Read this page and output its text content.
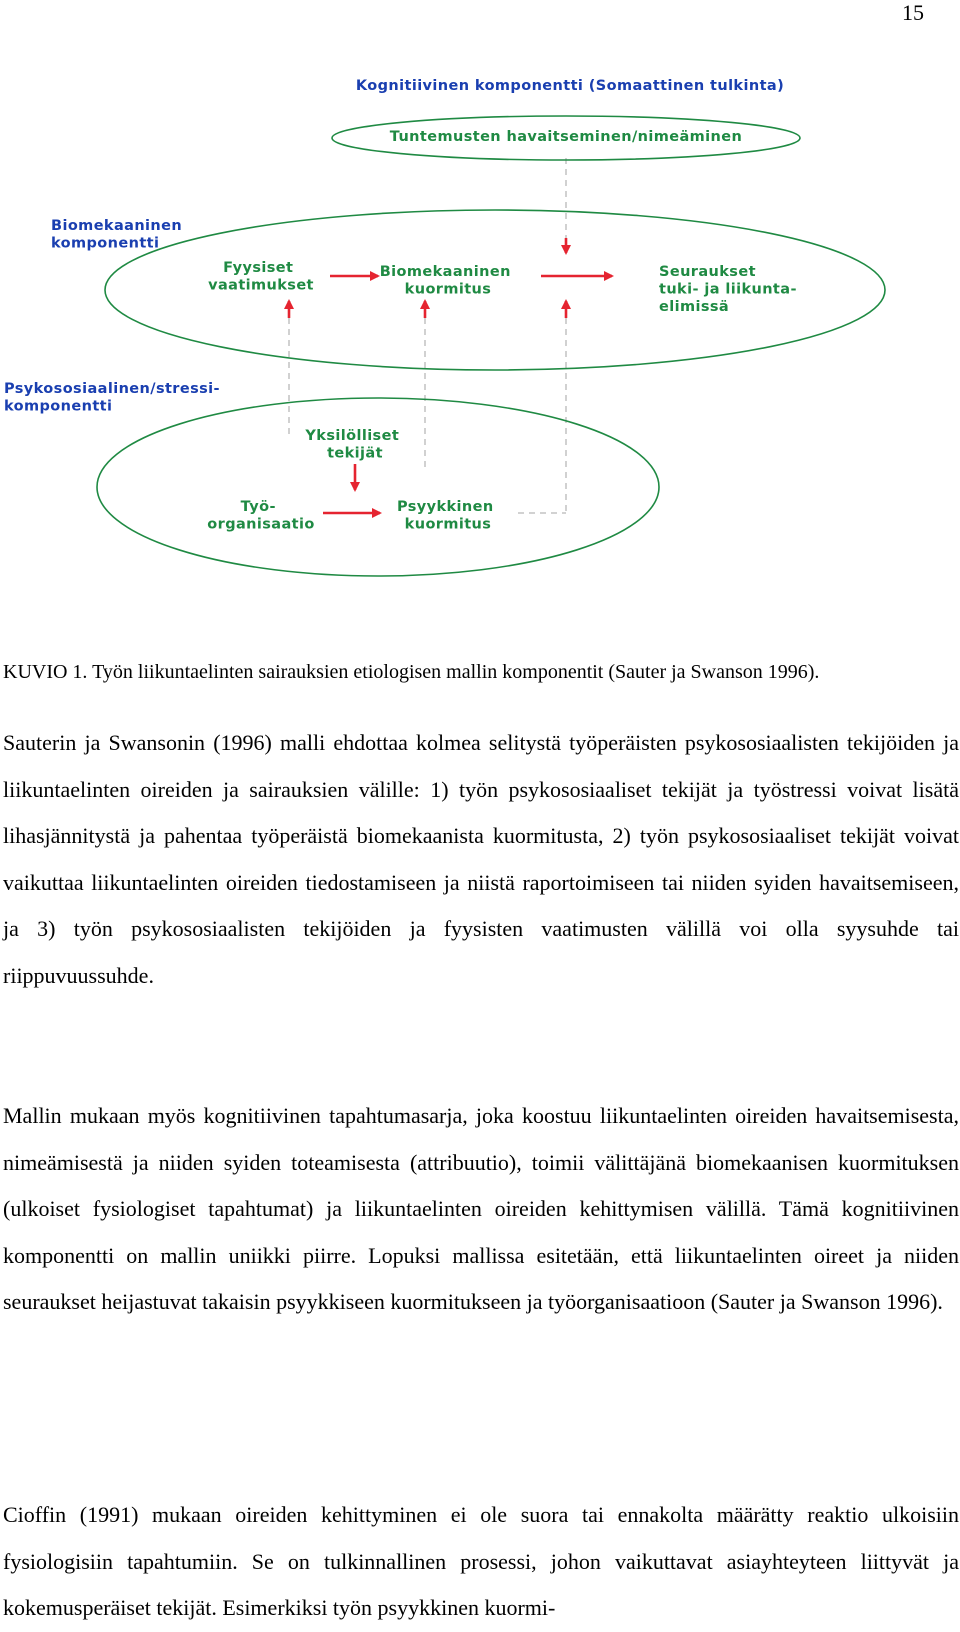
15
Kognitiivinen komponentti (Somaattinen tulkinta)
Tuntemusten havaitseminen/nimeäminen
Biomekaaninen komponentti
Fyysiset vaatimukset
Biomekaaninen kuormitus
Seuraukset tuki- ja liikunta- elimissä
Psykososiaalinen/stressi- komponentti
Yksilölliset tekijät
Työ- organisaatio
Psyykkinen kuormitus
KUVIO 1. Työn liikuntaelinten sairauksien etiologisen mallin komponentit (Sauter ja Swanson 1996).

Sauterin ja Swansonin (1996) malli ehdottaa kolmea selitystä työperäisten psykososiaalisten tekijöiden ja liikuntaelinten oireiden ja sairauksien välille: 1) työn psykososiaaliset tekijät ja työstressi voivat lisätä lihasjännitystä ja pahentaa työperäistä biomekaanista kuormitusta, 2) työn psykososiaaliset tekijät voivat vaikuttaa liikuntaelinten oireiden tiedostamiseen ja niistä raportoimiseen tai niiden syiden havaitsemiseen, ja 3) työn psykososiaalisten tekijöiden ja fyysisten vaatimusten välillä voi olla syysuhde tai riippuvuussuhde.

Mallin mukaan myös kognitiivinen tapahtumasarja, joka koostuu liikuntaelinten oireiden havaitsemisesta, nimeämisestä ja niiden syiden toteamisesta (attribuutio), toimii välittäjänä biomekaanisen kuormituksen (ulkoiset fysiologiset tapahtumat) ja liikuntaelinten oireiden kehittymisen välillä. Tämä kognitiivinen komponentti on mallin uniikki piirre. Lopuksi mallissa esitetään, että liikuntaelinten oireet ja niiden seuraukset heijastuvat takaisin psyykkiseen kuormitukseen ja työorganisaatioon (Sauter ja Swanson 1996).

Cioffin (1991) mukaan oireiden kehittyminen ei ole suora tai ennakolta määrätty reaktio ulkoisiin fysiologisiin tapahtumiin. Se on tulkinnallinen prosessi, johon vaikuttavat asiayhteyteen liittyvät ja kokemusperäiset tekijät. Esimerkiksi työn psyykkinen kuormi-
